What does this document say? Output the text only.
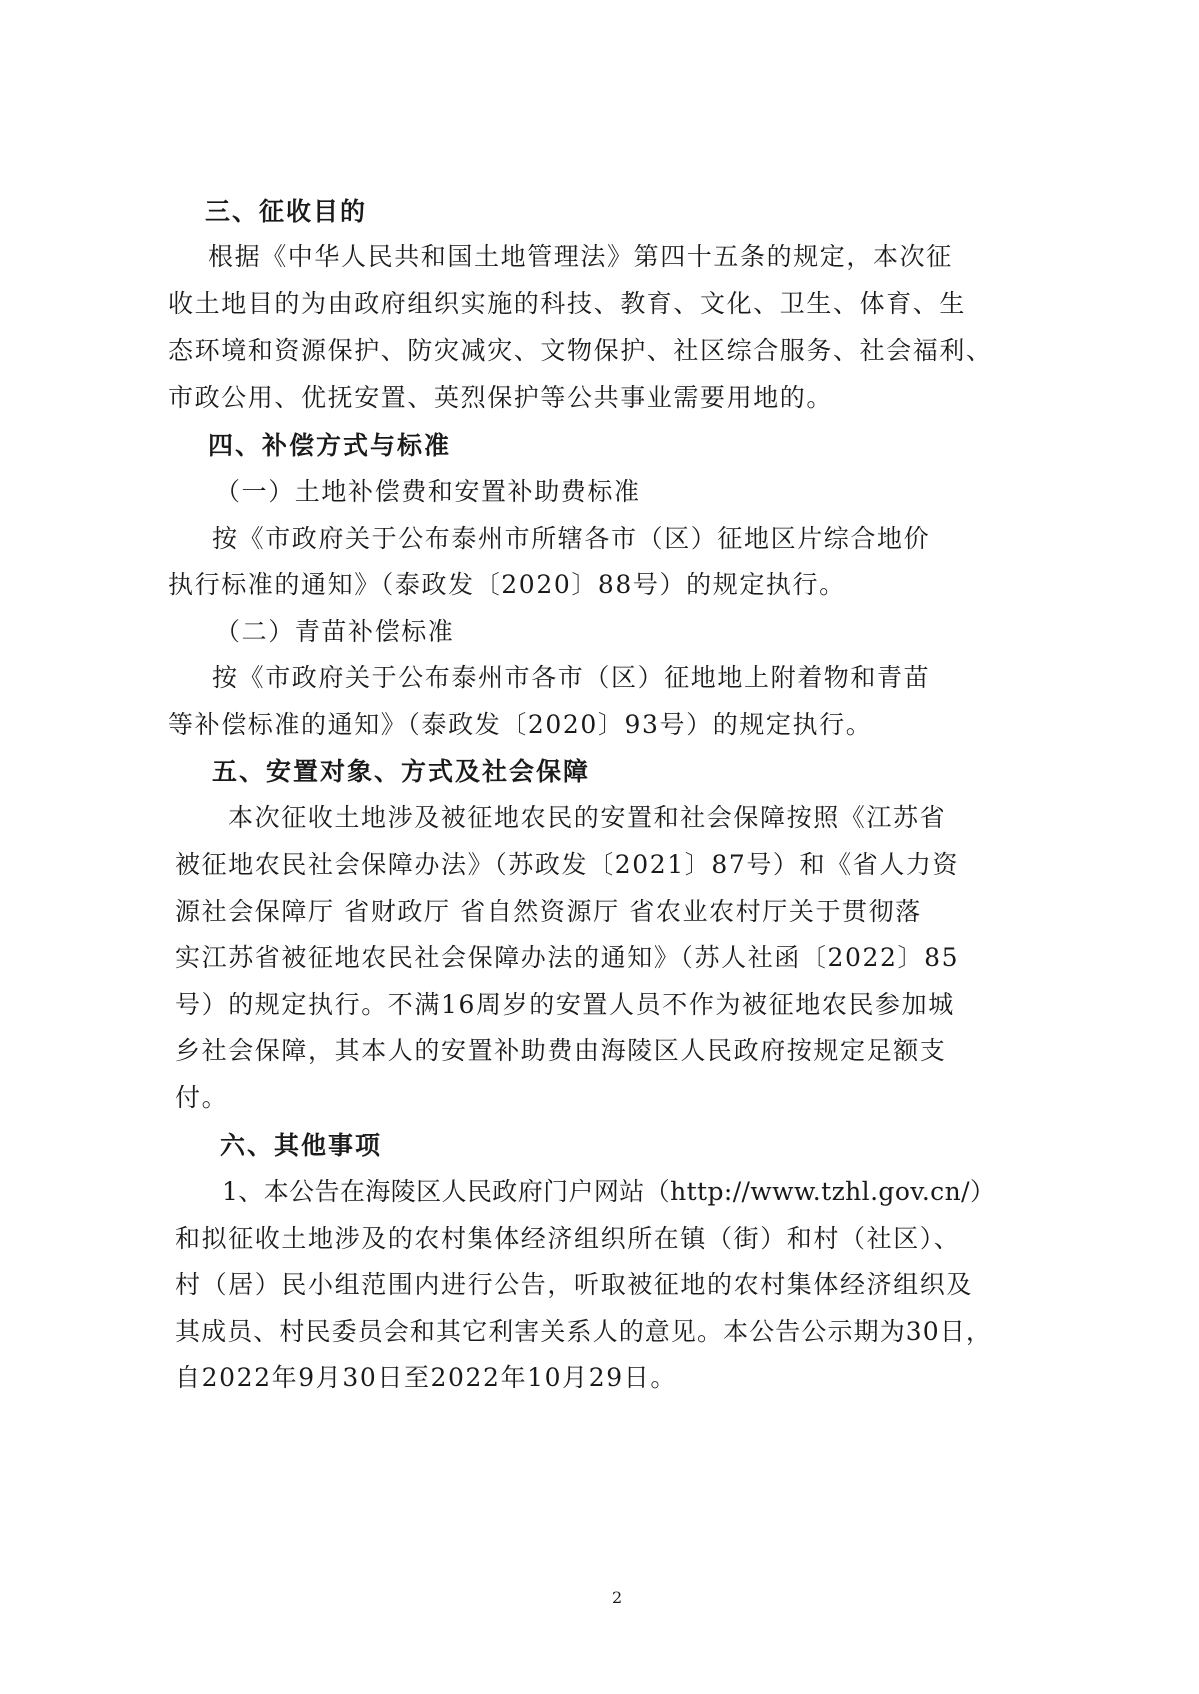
三、征收目的
根据《中华人民共和国土地管理法》第四十五条的规定，本次征
收土地目的为由政府组织实施的科技、教育、文化、卫生、体育、生
态环境和资源保护、防灾减灾、文物保护、社区综合服务、社会福利、
市政公用、优抚安置、英烈保护等公共事业需要用地的。
四、补偿方式与标准
（一）土地补偿费和安置补助费标准
按《市政府关于公布泰州市所辖各市（区）征地区片综合地价
执行标准的通知》（泰政发〔2020〕88号）的规定执行。
（二）青苗补偿标准
按《市政府关于公布泰州市各市（区）征地地上附着物和青苗
等补偿标准的通知》（泰政发〔2020〕93号）的规定执行。
五、安置对象、方式及社会保障
本次征收土地涉及被征地农民的安置和社会保障按照《江苏省
被征地农民社会保障办法》（苏政发〔2021〕87号）和《省人力资
源社会保障厅 省财政厅 省自然资源厅 省农业农村厅关于贯彻落
实江苏省被征地农民社会保障办法的通知》（苏人社函〔2022〕85
号）的规定执行。不满16周岁的安置人员不作为被征地农民参加城
乡社会保障，其本人的安置补助费由海陵区人民政府按规定足额支
付。
六、其他事项
1、本公告在海陵区人民政府门户网站（http://www.tzhl.gov.cn/）
和拟征收土地涉及的农村集体经济组织所在镇（街）和村（社区）、
村（居）民小组范围内进行公告，听取被征地的农村集体经济组织及
其成员、村民委员会和其它利害关系人的意见。本公告公示期为30日，
自2022年9月30日至2022年10月29日。
2
